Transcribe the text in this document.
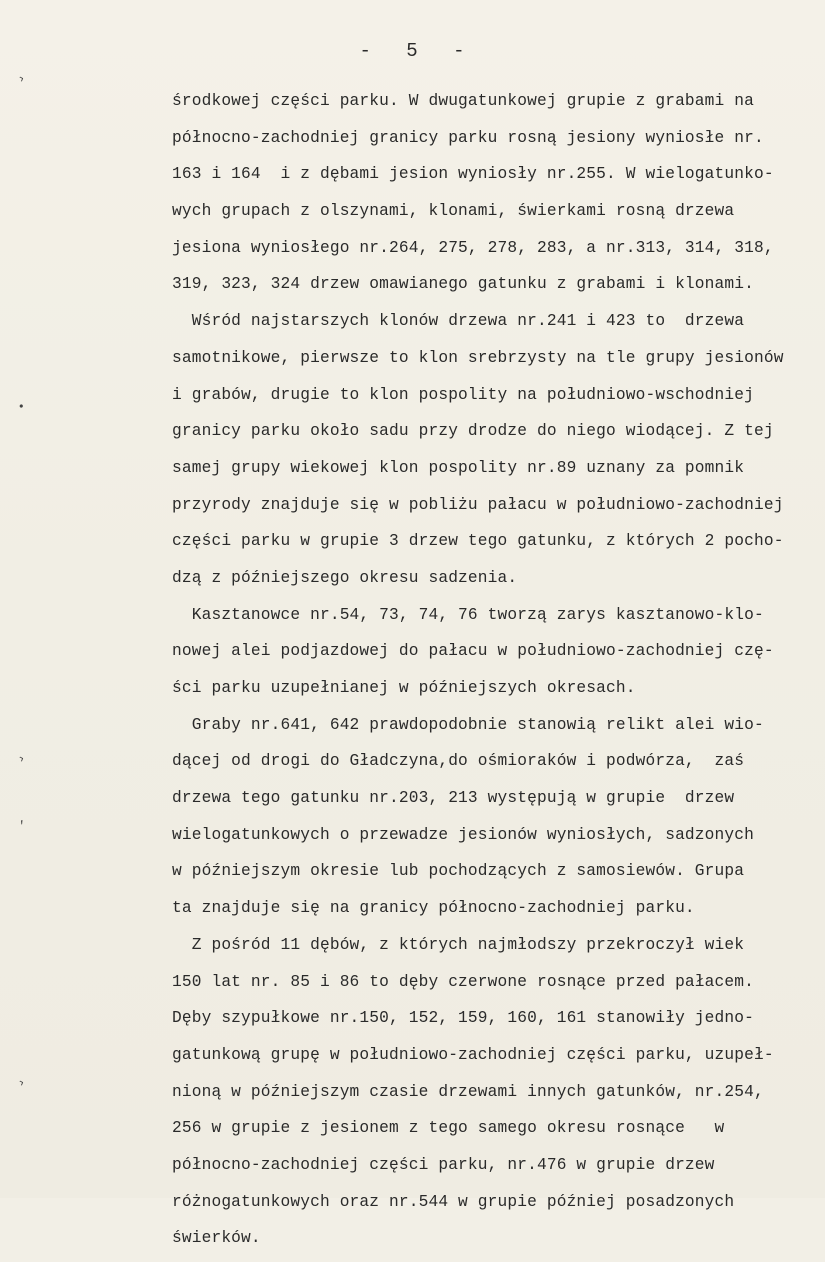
- 5 -
›
•
›
,
›
środkowej części parku. W dwugatunkowej grupie z grabami na
północno-zachodniej granicy parku rosną jesiony wyniosłe nr.
163 i 164  i z dębami jesion wyniosły nr.255. W wielogatunko-
wych grupach z olszynami, klonami, świerkami rosną drzewa
jesiona wyniosłego nr.264, 275, 278, 283, a nr.313, 314, 318,
319, 323, 324 drzew omawianego gatunku z grabami i klonami.
Wśród najstarszych klonów drzewa nr.241 i 423 to  drzewa
samotnikowe, pierwsze to klon srebrzysty na tle grupy jesionów
i grabów, drugie to klon pospolity na południowo-wschodniej
granicy parku około sadu przy drodze do niego wiodącej. Z tej
samej grupy wiekowej klon pospolity nr.89 uznany za pomnik
przyrody znajduje się w pobliżu pałacu w południowo-zachodniej
części parku w grupie 3 drzew tego gatunku, z których 2 pocho-
dzą z późniejszego okresu sadzenia.
Kasztanowce nr.54, 73, 74, 76 tworzą zarys kasztanowo-klo-
nowej alei podjazdowej do pałacu w południowo-zachodniej czę-
ści parku uzupełnianej w późniejszych okresach.
Graby nr.641, 642 prawdopodobnie stanowią relikt alei wio-
dącej od drogi do Gładczyna,do ośmioraków i podwórza,  zaś
drzewa tego gatunku nr.203, 213 występują w grupie  drzew
wielogatunkowych o przewadze jesionów wyniosłych, sadzonych
w późniejszym okresie lub pochodzących z samosiewów. Grupa
ta znajduje się na granicy północno-zachodniej parku.
Z pośród 11 dębów, z których najmłodszy przekroczył wiek
150 lat nr. 85 i 86 to dęby czerwone rosnące przed pałacem.
Dęby szypułkowe nr.150, 152, 159, 160, 161 stanowiły jedno-
gatunkową grupę w południowo-zachodniej części parku, uzupeł-
nioną w późniejszym czasie drzewami innych gatunków, nr.254,
256 w grupie z jesionem z tego samego okresu rosnące   w
północno-zachodniej części parku, nr.476 w grupie drzew
różnogatunkowych oraz nr.544 w grupie później posadzonych
świerków.
